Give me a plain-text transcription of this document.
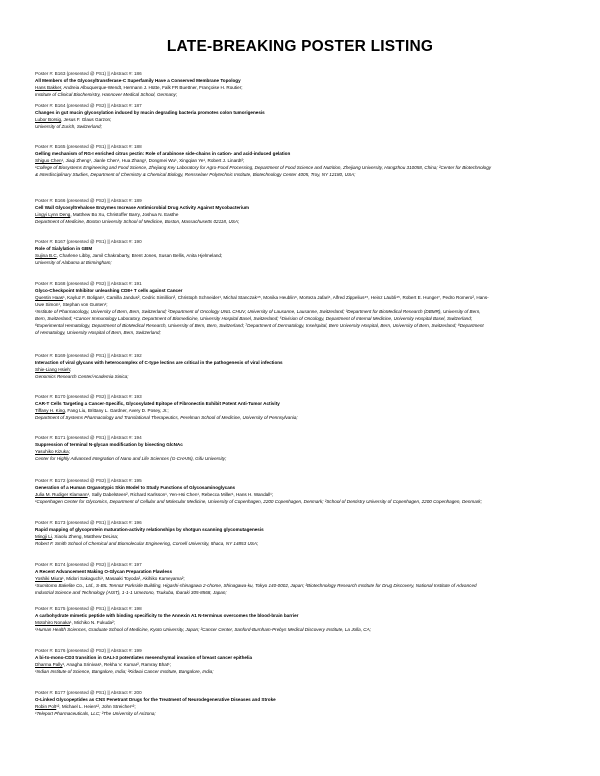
LATE-BREAKING POSTER LISTING
Poster #: B163 (presented @ PS1) || Abstract #: 186
All Members of the Glycosyltransferase-C Superfamily Have a Conserved Membrane Topology
Hans Bakker, Andreia Albuquerque-Wendt, Hermann J. Hütte, Falk FR Buettner, Françoise H. Routier;
Institute of Clinical Biochemistry, Hannover Medical School, Germany;
Poster #: B164 (presented @ PS2) || Abstract #: 187
Changes in gut mucin glycosylation induced by mucin degrading bacteria promotes colon tumorigenesis
Lubor Borsig, Jesus F. Glaus Garzon;
University of Zurich, Switzerland;
Poster #: B165 (presented @ PS1) || Abstract #: 188
Gelling mechanism of RG-I enriched citrus pectin: Role of arabinose side-chains in cation- and acid-induced gelation
Shiguo Chen¹, Jiaqi Zheng¹, Jianle Chen¹, Hua Zhang¹, Dongmei Wu¹, Xingqian Ye¹, Robert J. Linardt²;
¹College of Biosystems Engineering and Food Science, Zhejiang Key Laboratory for Agro-Food Processing, Department of Food Science and Nutrition, Zhejiang University, Hangzhou 310058, China; ²Center for Biotechnology
& Interdisciplinary Studies, Department of Chemistry & Chemical Biology, Rensselaer Polytechnic Institute, Biotechnology Center 4005, Troy, NY 12180, USA;
Poster #: B166 (presented @ PS2) || Abstract #: 189
Cell Wall Glycosyltrehalose Enzymes Increase Antimicrobial Drug Activity Against Mycobacterium
Lingyi Lynn Deng, Matthew Bo Xu, Christoffer Barry, Joshua N. Easthe
Department of Medicine, Boston University School of Medicine, Boston, Massachusetts 02118, USA;
Poster #: B167 (presented @ PS1) || Abstract #: 190
Role of Sialylation in GBM
Sujina B.C, Charlene Libby, Jamil Chakrabarty, Brent Jones, Susan Bellis, Anita Hjelmeland;
University of Alabama at Birmingham;
Poster #: B168 (presented @ PS2) || Abstract #: 191
Glyco-Checkpoint Inhibitor unleashing CD8+ T cells against Cancer
Quentin Haas¹, Kayluz F. Boligan¹, Camilla Jandus², Cedric Simillion³, Christoph Schneider¹, Michal Stanczak⁴⁵, Monika Heublin⁶, Morteza Jafari⁶, Alfred Zippelius⁴⁵, Heinz Läubli⁴⁵, Robert E. Hunger⁷, Pedro Romero², Hans-
Uwe Simon¹, Stephan von Gunten¹;
¹Institute of Pharmacology, University of Bern, Bern, Switzerland; ²Department of Oncology UNIL CHUV, University of Lausanne, Lausanne, Switzerland; ³Department for BioMedical Research (DBMR), University of Bern,
Bern, Switzerland; ⁴Cancer Immunology Laboratory, Department of Biomedicine, University Hospital Basel, Switzerland; ⁵Division of Oncology, Department of Internal Medicine, University Hospital Basel, Switzerland;
⁶Experimental Hematology, Department of BioMedical Research, University of Bern, Bern, Switzerland; ⁷Department of Dermatology, Inselspital, Bern University Hospital, Bern, University of Bern, Switzerland; ⁸Department
of Hematology, University Hospital of Bern, Bern, Switzerland;
Poster #: B169 (presented @ PS1) || Abstract #: 192
Interaction of viral glycans with heterocomplex of C-type lectins are critical in the pathogenesis of viral infections
Shie-Liang Hsieh;
Genomics Research Center/Academia Sinica;
Poster #: B170 (presented @ PS2) || Abstract #: 193
CAR-T Cells Targeting a Cancer-Specific, Glycosylated Epitope of Fibronectin Exhibit Potent Anti-Tumor Activity
Tiffany H. King, Fang Liu, Brittany L. Gardner, Avery D. Posey, Jr.;
Department of Systems Pharmacology and Translational Therapeutics, Perelman School of Medicine, University of Pennsylvania;
Poster #: B171 (presented @ PS1) || Abstract #: 194
Suppression of terminal N-glycan modification by bisecting GlcNAc
Yasuhiko Kizuka;
Center for Highly Advanced Integration of Nano and Life Sciences (G-CHAIN), Gifu University;
Poster #: B172 (presented @ PS2) || Abstract #: 195
Generation of a Human Organotypic Skin Model to Study Functions of Glycosaminoglycans
Julia M. Rudiger Klamann¹, Sally Dabelsteen², Richard Karlsson¹, Yen-Hsi Chen¹, Rebecca Miller¹, Hans H. Wandall¹;
¹Copenhagen Center for Glycomics, Department of Cellular and Molecular Medicine, University of Copenhagen, 2200 Copenhagen, Denmark; ²School of Dentistry University of Copenhagen, 2200 Copenhagen, Denmark;
Poster #: B173 (presented @ PS1) || Abstract #: 196
Rapid mapping of glycoprotein maturation-activity relationships by shotgun scanning glycomutagenesis
Mingji Li, Xiaolu Zheng, Matthew DeLisa;
Robert F. Smith School of Chemical and Biomolecular Engineering, Cornell University, Ithaca, NY 14853 USA;
Poster #: B174 (presented @ PS2) || Abstract #: 197
A Recent Advancement Making O-Glycan Preparation Flawless
Yoshiki Miura¹, Midori Sakaguchi¹, Masaaki Toyoda², Akihiko Kameyama²;
¹Sumitomo Bakelite Co., Ltd., S-BIL Tennoz Parkside Building, Higashi-shinagawa 2-chome, Shinagawa-ku, Tokyo 140-0002, Japan; ²Biotechnology Research Institute for Drug Discovery, National Institute of Advanced
Industrial Science and Technology (AIST), 1-1-1 Umezono, Tsukuba, Ibaraki 305-8568, Japan;
Poster #: B175 (presented @ PS1) || Abstract #: 198
A carbohydrate mimetic peptide with binding specificity to the Annexin A1 N-terminus overcomes the blood-brain barrier
Motohiro Nonaka¹, Michiko N. Fukuda²;
¹Human Health Sciences, Graduate School of Medicine, Kyoto University, Japan; ²Cancer Center, Sanford-Burnham-Prebys Medical Discovery Institute, La Jolla, CA;
Poster #: B176 (presented @ PS2) || Abstract #: 199
A bi-to-mono-CD3 transition in GALI-3 potentiates mesenchymal invasion of breast cancer epithelia
Dharma Pally¹, Anagha Srinivas¹, Rekha V. Kumar², Ramray Bhat¹;
¹Indian Institute of Science, Bangalore, India; ²Kidwai Cancer Institute, Bangalore, India;
Poster #: B177 (presented @ PS1) || Abstract #: 200
O-Linked Glycopeptides as CNS Penetrant Drugs for the Treatment of Neurodegenerative Diseases and Stroke
Robin Polt¹², Michael L. Heien¹², John Streicher¹²;
¹Teleport Pharmaceuticals, LLC; ²The University of Arizona;
